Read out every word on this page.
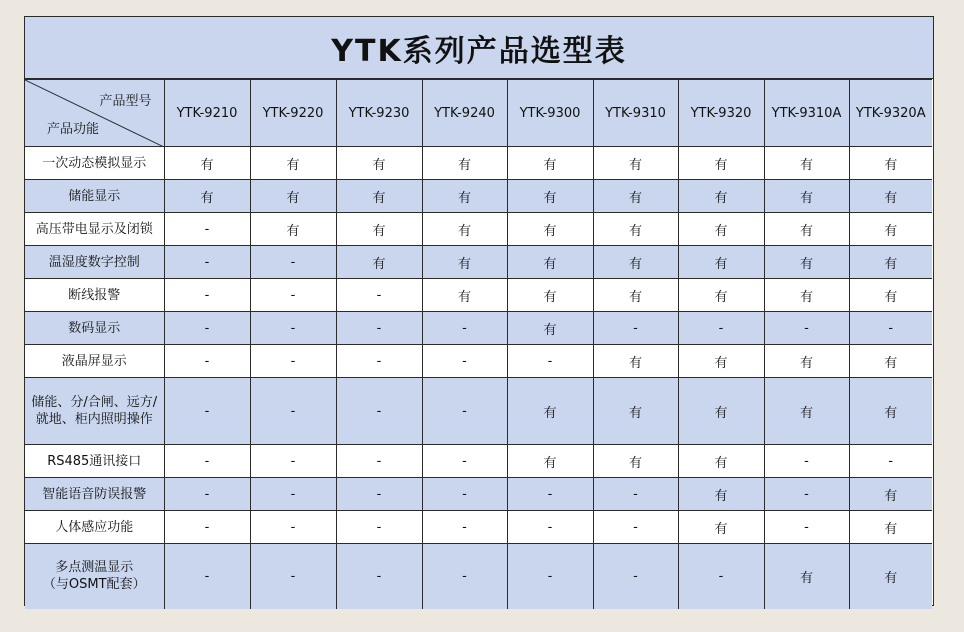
YTK系列产品选型表
产品型号
产品功能	YTK-9210	YTK-9220	YTK-9230	YTK-9240	YTK-9300	YTK-9310	YTK-9320	YTK-9310A	YTK-9320A

一次动态模拟显示	有	有	有	有	有	有	有	有	有

储能显示	有	有	有	有	有	有	有	有	有

高压带电显示及闭锁	-	有	有	有	有	有	有	有	有

温湿度数字控制	-	-	有	有	有	有	有	有	有

断线报警	-	-	-	有	有	有	有	有	有

数码显示	-	-	-	-	有	-	-	-	-

液晶屏显示	-	-	-	-	-	有	有	有	有

储能、分/合闸、远方/
就地、柜内照明操作	-	-	-	-	有	有	有	有	有

RS485通讯接口	-	-	-	-	有	有	有	-	-

智能语音防误报警	-	-	-	-	-	-	有	-	有

人体感应功能	-	-	-	-	-	-	有	-	有

多点测温显示
（与OSMT配套）	-	-	-	-	-	-	-	有	有
